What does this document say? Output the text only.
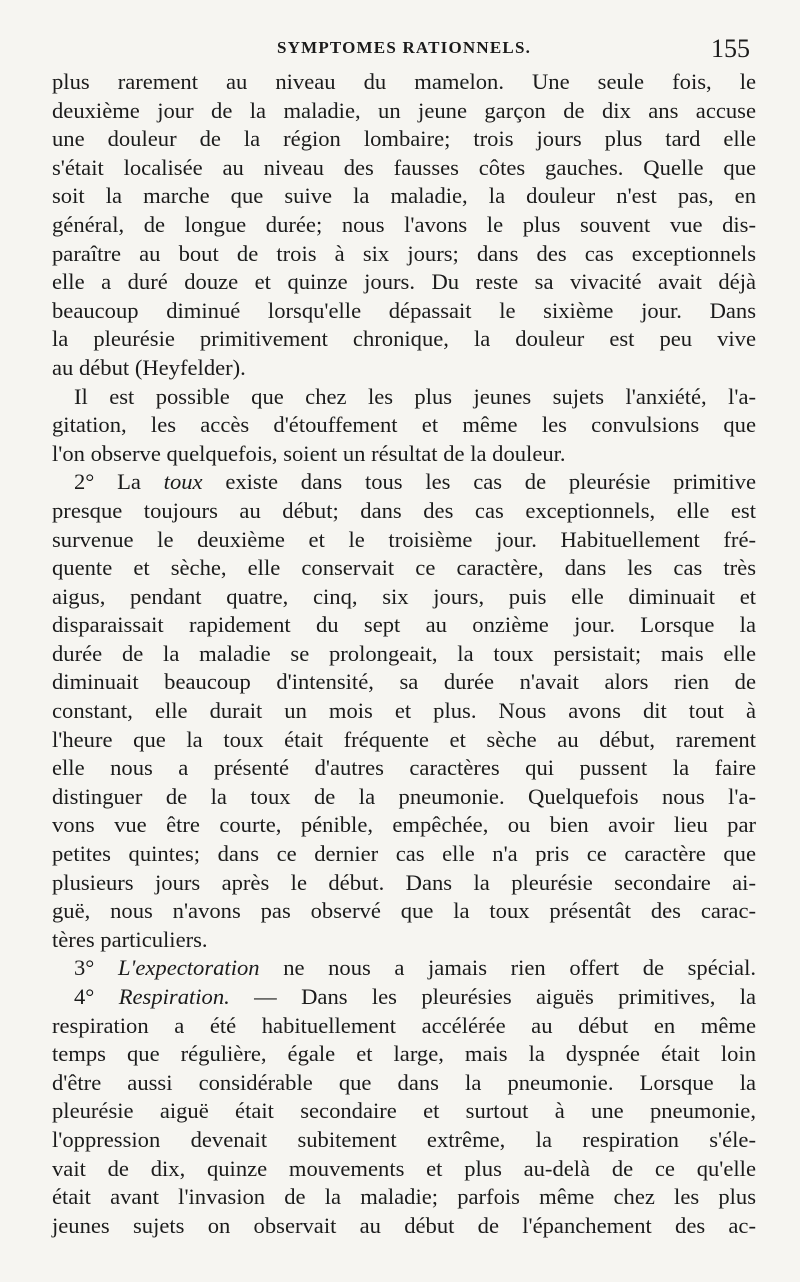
SYMPTOMES RATIONNELS.	155
plus rarement au niveau du mamelon. Une seule fois, le
deuxième jour de la maladie, un jeune garçon de dix ans accuse
une douleur de la région lombaire; trois jours plus tard elle
s'était localisée au niveau des fausses côtes gauches. Quelle que
soit la marche que suive la maladie, la douleur n'est pas, en
général, de longue durée; nous l'avons le plus souvent vue dis-
paraître au bout de trois à six jours; dans des cas exceptionnels
elle a duré douze et quinze jours. Du reste sa vivacité avait déjà
beaucoup diminué lorsqu'elle dépassait le sixième jour. Dans
la pleurésie primitivement chronique, la douleur est peu vive
au début (Heyfelder).
Il est possible que chez les plus jeunes sujets l'anxiété, l'a-
gitation, les accès d'étouffement et même les convulsions que
l'on observe quelquefois, soient un résultat de la douleur.
2° La toux existe dans tous les cas de pleurésie primitive
presque toujours au début; dans des cas exceptionnels, elle est
survenue le deuxième et le troisième jour. Habituellement fré-
quente et sèche, elle conservait ce caractère, dans les cas très
aigus, pendant quatre, cinq, six jours, puis elle diminuait et
disparaissait rapidement du sept au onzième jour. Lorsque la
durée de la maladie se prolongeait, la toux persistait; mais elle
diminuait beaucoup d'intensité, sa durée n'avait alors rien de
constant, elle durait un mois et plus. Nous avons dit tout à
l'heure que la toux était fréquente et sèche au début, rarement
elle nous a présenté d'autres caractères qui pussent la faire
distinguer de la toux de la pneumonie. Quelquefois nous l'a-
vons vue être courte, pénible, empêchée, ou bien avoir lieu par
petites quintes; dans ce dernier cas elle n'a pris ce caractère que
plusieurs jours après le début. Dans la pleurésie secondaire ai-
guë, nous n'avons pas observé que la toux présentât des carac-
tères particuliers.
3° L'expectoration ne nous a jamais rien offert de spécial.
4° Respiration. — Dans les pleurésies aiguës primitives, la
respiration a été habituellement accélérée au début en même
temps que régulière, égale et large, mais la dyspnée était loin
d'être aussi considérable que dans la pneumonie. Lorsque la
pleurésie aiguë était secondaire et surtout à une pneumonie,
l'oppression devenait subitement extrême, la respiration s'éle-
vait de dix, quinze mouvements et plus au-delà de ce qu'elle
était avant l'invasion de la maladie; parfois même chez les plus
jeunes sujets on observait au début de l'épanchement des ac-
